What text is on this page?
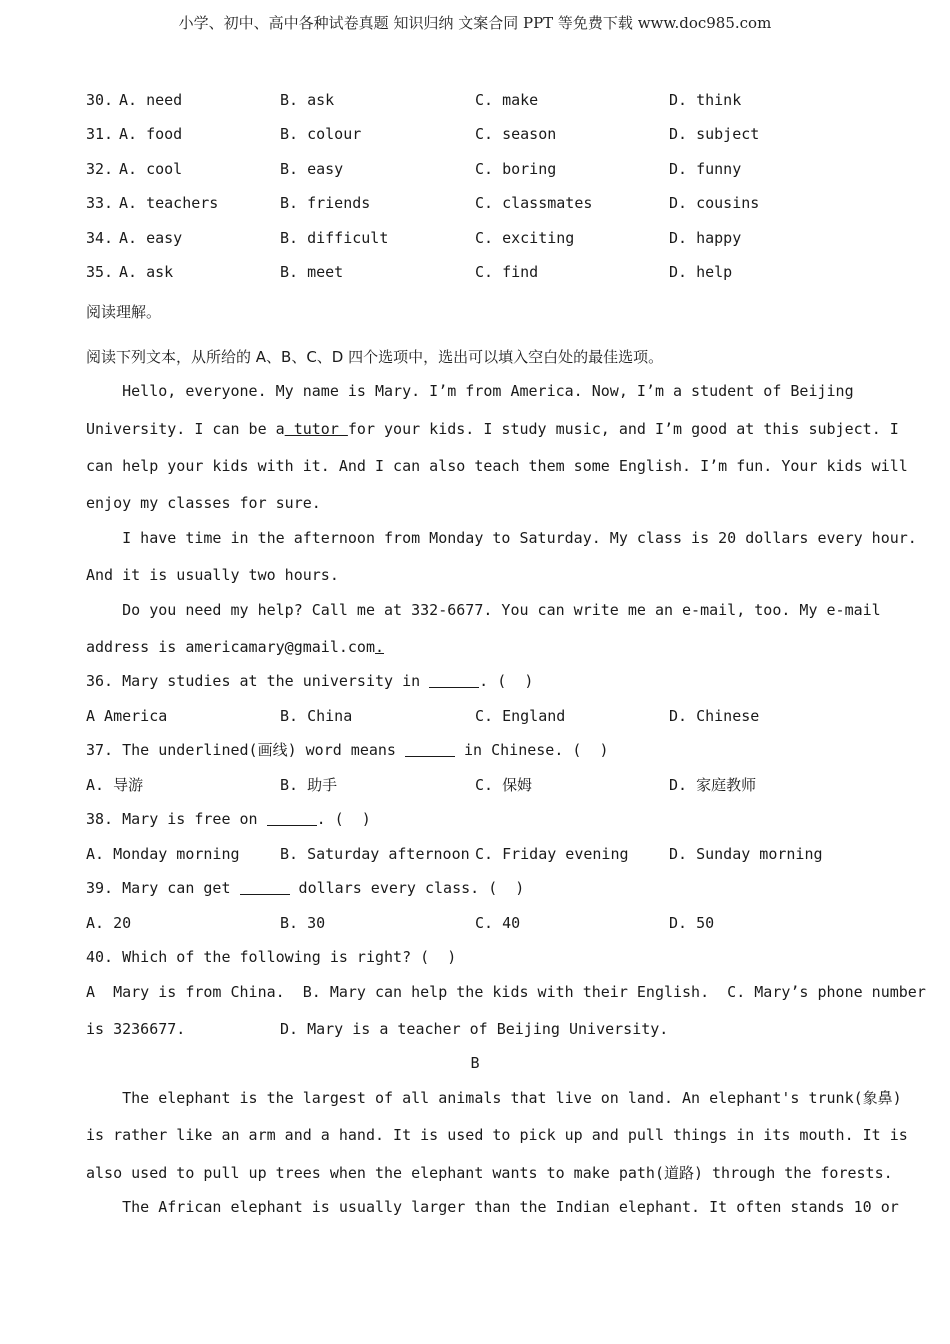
小学、初中、高中各种试卷真题 知识归纳 文案合同 PPT 等免费下载 www.doc985.com
30. A. need	B. ask	C. make	D. think
31. A. food	B. colour	C. season	D. subject
32. A. cool	B. easy	C. boring	D. funny
33. A. teachers	B. friends	C. classmates	D. cousins
34. A. easy	B. difficult	C. exciting	D. happy
35. A. ask	B. meet	C. find	D. help
阅读理解。
阅读下列文本，从所给的 A、B、C、D 四个选项中，选出可以填入空白处的最佳选项。
Hello, everyone. My name is Mary. I’m from America. Now, I’m a student of Beijing
University. I can be a tutor for your kids. I study music, and I’m good at this subject. I
can help your kids with it. And I can also teach them some English. I’m fun. Your kids will
enjoy my classes for sure.
I have time in the afternoon from Monday to Saturday. My class is 20 dollars every hour.
And it is usually two hours.
Do you need my help? Call me at 332-6677. You can write me an e-mail, too. My e-mail
address is americamary@gmail.com.
36. Mary studies at the university in	. (  )
A America	B. China	C. England	D. Chinese
37. The underlined(画线) word means	in Chinese. (  )
A. 导游	B. 助手	C. 保姆	D. 家庭教师
38. Mary is free on	. (  )
A. Monday morning	B. Saturday afternoon C. Friday evening	D. Sunday morning
39. Mary can get	dollars every class. (  )
A. 20	B. 30	C. 40	D. 50
40. Which of the following is right? (  )
A  Mary is from China.  B. Mary can help the kids with their English.  C. Mary’s phone number
is 3236677.	D. Mary is a teacher of Beijing University.
B
The elephant is the largest of all animals that live on land. An elephant's trunk(象鼻)
is rather like an arm and a hand. It is used to pick up and pull things in its mouth. It is
also used to pull up trees when the elephant wants to make path(道路) through the forests.
The African elephant is usually larger than the Indian elephant. It often stands 10 or
